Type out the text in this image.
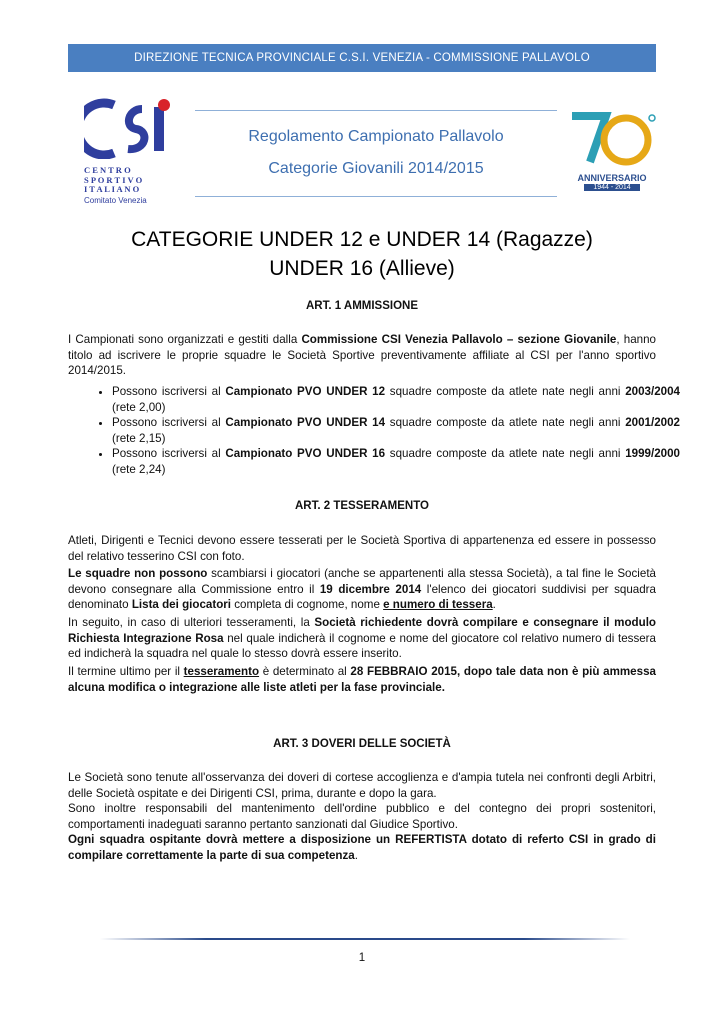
DIREZIONE TECNICA PROVINCIALE C.S.I. VENEZIA - COMMISSIONE PALLAVOLO
C E N T R O
S P O R T I V O
I T A L I A N O
Comitato Venezia
Regolamento Campionato Pallavolo
Categorie Giovanili 2014/2015
ANNIVERSARIO
1944 - 2014
CATEGORIE UNDER 12 e UNDER 14 (Ragazze)
UNDER 16 (Allieve)
ART. 1 AMMISSIONE
I Campionati sono organizzati e gestiti dalla Commissione CSI Venezia Pallavolo – sezione Giovanile, hanno titolo ad iscrivere le proprie squadre le Società Sportive preventivamente affiliate al CSI per l'anno sportivo 2014/2015.
• Possono iscriversi al Campionato PVO UNDER 12 squadre composte da atlete nate negli anni 2003/2004 (rete 2,00)
• Possono iscriversi al Campionato PVO UNDER 14 squadre composte da atlete nate negli anni 2001/2002 (rete 2,15)
• Possono iscriversi al Campionato PVO UNDER 16 squadre composte da atlete nate negli anni 1999/2000 (rete 2,24)
ART. 2 TESSERAMENTO
Atleti, Dirigenti e Tecnici devono essere tesserati per le Società Sportiva di appartenenza ed essere in possesso del relativo tesserino CSI con foto.
Le squadre non possono scambiarsi i giocatori (anche se appartenenti alla stessa Società), a tal fine le Società devono consegnare alla Commissione entro il 19 dicembre 2014 l'elenco dei giocatori suddivisi per squadra denominato Lista dei giocatori completa di cognome, nome e numero di tessera.
In seguito, in caso di ulteriori tesseramenti, la Società richiedente dovrà compilare e consegnare il modulo Richiesta Integrazione Rosa nel quale indicherà il cognome e nome del giocatore col relativo numero di tessera ed indicherà la squadra nel quale lo stesso dovrà essere inserito.
Il termine ultimo per il tesseramento è determinato al 28 FEBBRAIO 2015, dopo tale data non è più ammessa alcuna modifica o integrazione alle liste atleti per la fase provinciale.
ART. 3 DOVERI DELLE SOCIETÀ
Le Società sono tenute all'osservanza dei doveri di cortese accoglienza e d'ampia tutela nei confronti degli Arbitri, delle Società ospitate e dei Dirigenti CSI, prima, durante e dopo la gara.
Sono inoltre responsabili del mantenimento dell'ordine pubblico e del contegno dei propri sostenitori, comportamenti inadeguati saranno pertanto sanzionati dal Giudice Sportivo.
Ogni squadra ospitante dovrà mettere a disposizione un REFERTISTA dotato di referto CSI in grado di compilare correttamente la parte di sua competenza.
1
